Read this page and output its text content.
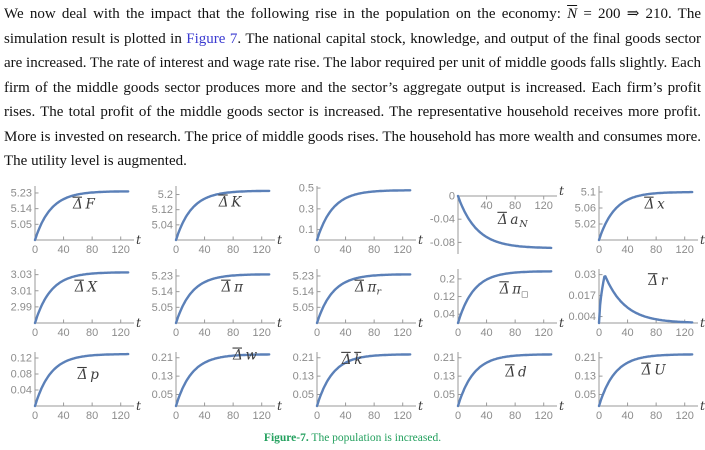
We now deal with the impact that the following rise in the population on the economy: $\overline{N} = 200$ ⇒ 210. The simulation result is plotted in Figure 7. The national capital stock, knowledge, and output of the final goods sector are increased. The rate of interest and wage rate rise. The labor required per unit of middle goods falls slightly. Each firm of the middle goods sector produces more and the sector’s aggregate output is increased. Each firm’s profit rises. The total profit of the middle goods sector is increased. The representative household receives more profit. More is invested on research. The price of middle goods rises. The household has more wealth and consumes more. The utility level is augmented.

0 40 80 120
t
5.05
5.14
5.23
Δ F
0 40 80 120
t
5.04
5.12
5.2	Δ K
0 40 80 120
t
0.1
0.3
0.5
40 80 120
t
0
-0.04
-0.08
Δ a N
0 40 80 120
t
5.02
5.06
5.1
Δ x
0 40 80 120
t
2.99
3.01
3.03
Δ X
0 40 80 120
t
5.05
5.14
5.23
Δ π
0 40 80 120
t
5.05
5.14
5.23
Δ π r
0 40 80 120
t
0.04
0.12
0.2
Δ π □
0 40 80 120
t
0.004
0.017
0.03	Δ r
0 40 80 120
t
0.04
0.08
0.12
Δ p
0 40 80 120
t
0.05
0.13
0.21	Δ w
0 40 80 120
t
0.05
0.13
0.21 Δ k
0 40 80 120
t
0.05
0.13
0.21
Δ d
0 40 80 120
t
0.05
0.13
0.21
Δ U
Figure-7. The population is increased.
